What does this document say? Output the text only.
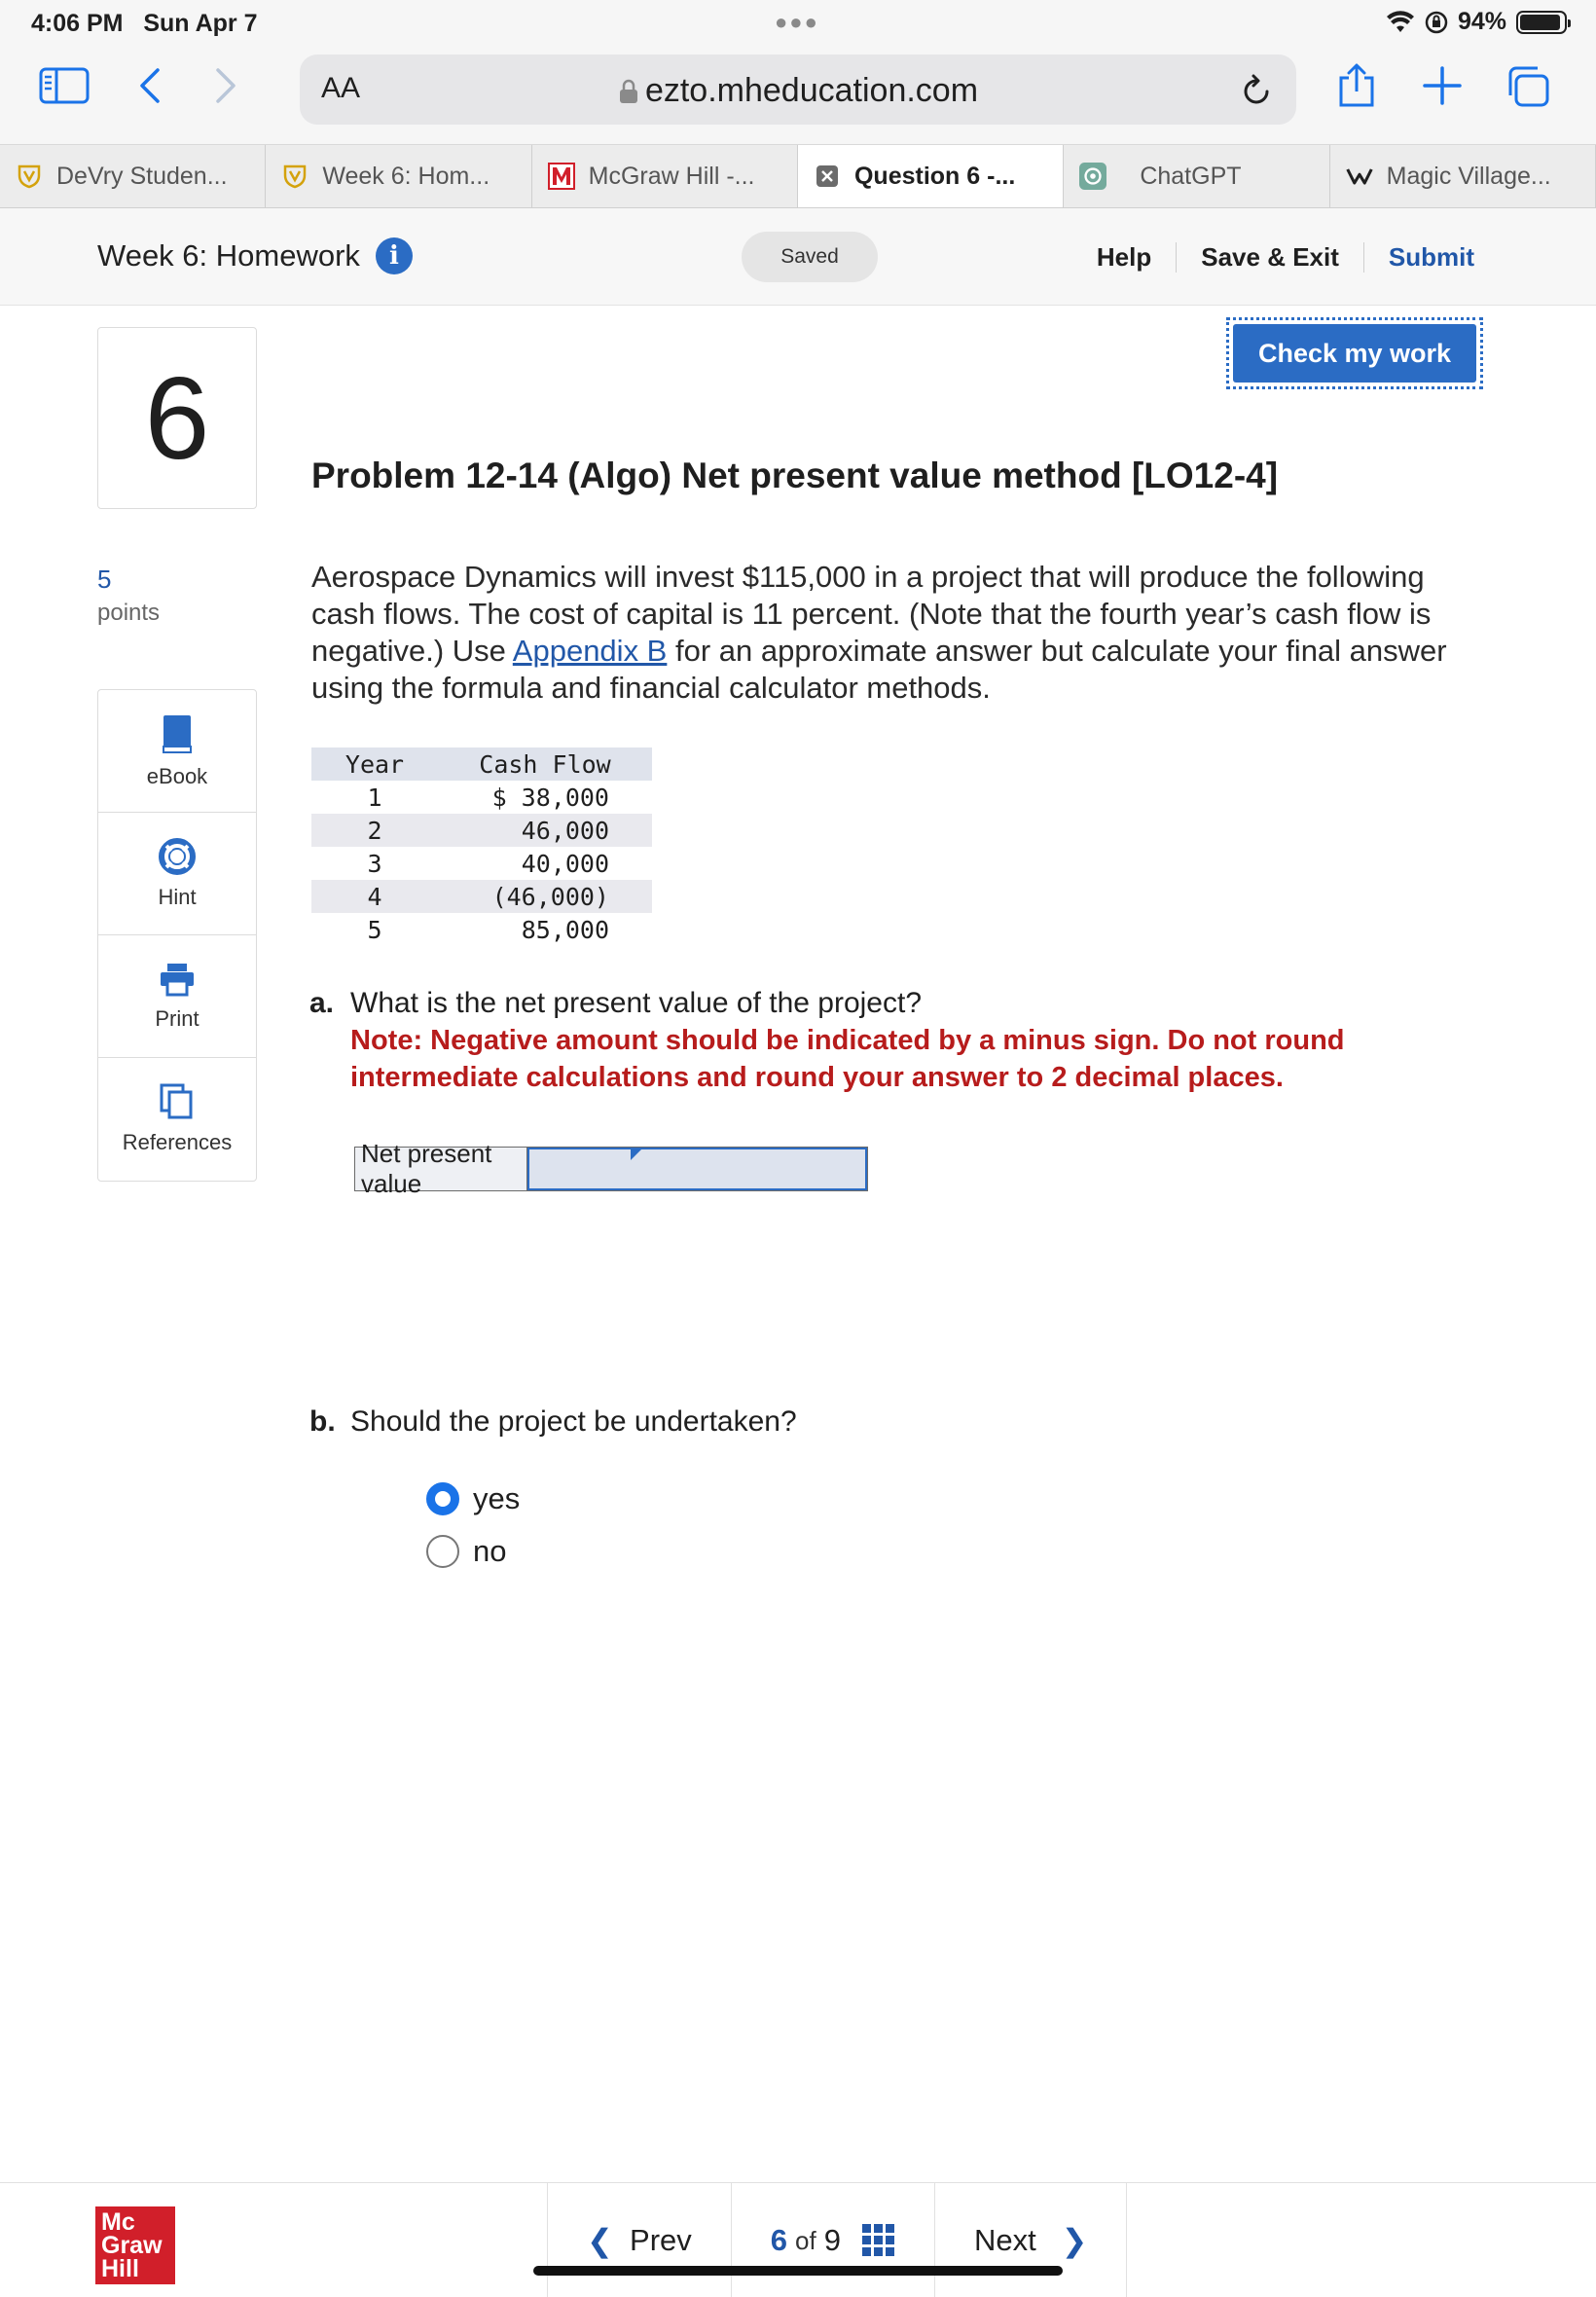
4:06 PM Sun Apr 7	●●●	94%
AA	ezto.mheducation.com
DeVry Studen...	Week 6: Hom...	McGraw Hill -...	Question 6 -...	ChatGPT	Magic Village...
Week 6: Homework	i	Saved	Help	Save & Exit	Submit
Check my work
6
5
points
eBook
Hint
Print
References
Problem 12-14 (Algo) Net present value method [LO12-4]
Aerospace Dynamics will invest $115,000 in a project that will produce the following cash flows. The cost of capital is 11 percent. (Note that the fourth year’s cash flow is negative.) Use Appendix B for an approximate answer but calculate your final answer using the formula and financial calculator methods.
Year	Cash Flow
1	$ 38,000
2	46,000
3	40,000
4	(46,000)
5	85,000
a. What is the net present value of the project?
Note: Negative amount should be indicated by a minus sign. Do not round intermediate calculations and round your answer to 2 decimal places.
Net present value
b. Should the project be undertaken?
yes
no
Mc
Graw
Hill
❮
Prev	6 of 9	Next
❯
